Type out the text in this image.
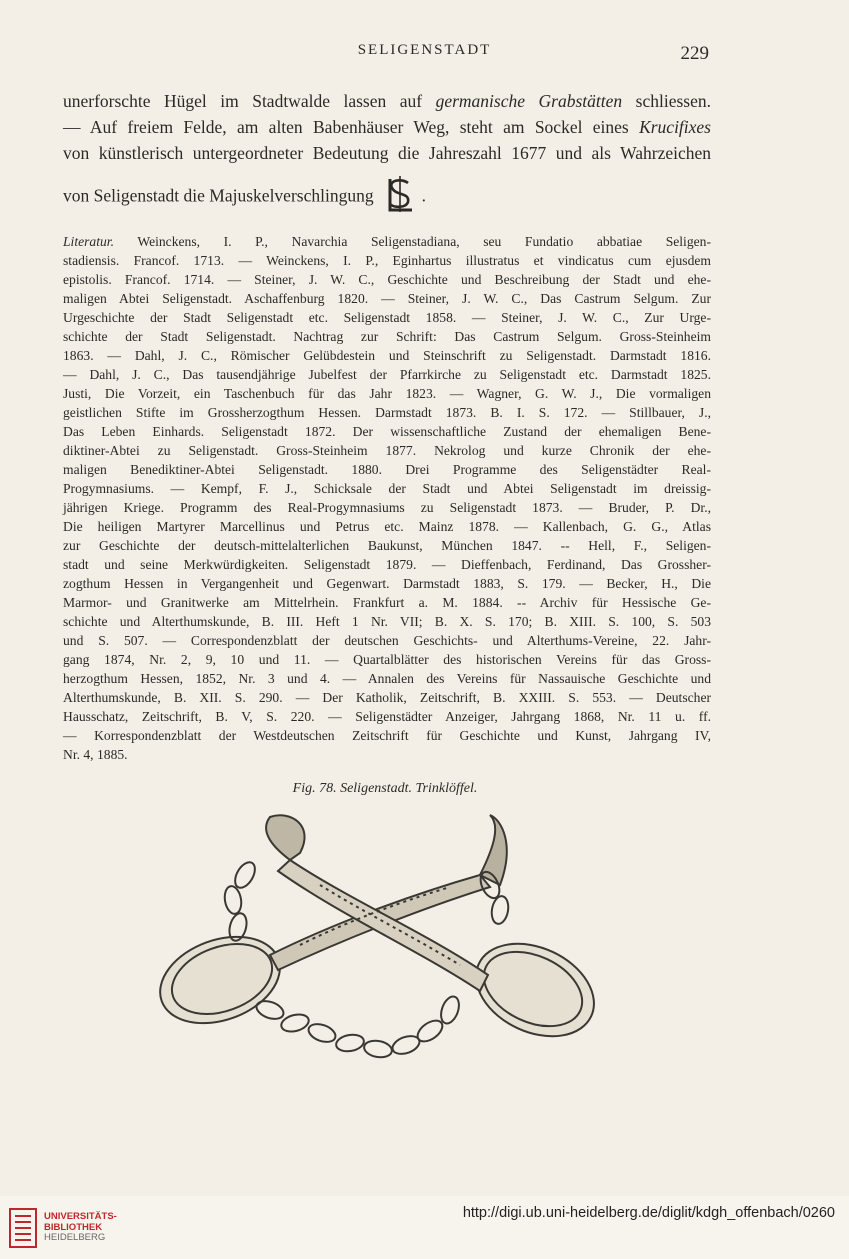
SELIGENSTADT	229
unerforschte Hügel im Stadtwalde lassen auf germanische Grabstätten schliessen.
— Auf freiem Felde, am alten Babenhäuser Weg, steht am Sockel eines Krucifixes
von künstlerisch untergeordneter Bedeutung die Jahreszahl 1677 und als Wahrzeichen
von Seligenstadt die Majuskelverschlingung	.
Literatur. Weinckens, I. P., Navarchia Seligenstadiana, seu Fundatio abbatiae Seligen-
stadiensis. Francof. 1713. — Weinckens, I. P., Eginhartus illustratus et vindicatus cum ejusdem
epistolis. Francof. 1714. — Steiner, J. W. C., Geschichte und Beschreibung der Stadt und ehe-
maligen Abtei Seligenstadt. Aschaffenburg 1820. — Steiner, J. W. C., Das Castrum Selgum. Zur
Urgeschichte der Stadt Seligenstadt etc. Seligenstadt 1858. — Steiner, J. W. C., Zur Urge-
schichte der Stadt Seligenstadt. Nachtrag zur Schrift: Das Castrum Selgum. Gross-Steinheim
1863. — Dahl, J. C., Römischer Gelübdestein und Steinschrift zu Seligenstadt. Darmstadt 1816.
— Dahl, J. C., Das tausendjährige Jubelfest der Pfarrkirche zu Seligenstadt etc. Darmstadt 1825.
Justi, Die Vorzeit, ein Taschenbuch für das Jahr 1823. — Wagner, G. W. J., Die vormaligen
geistlichen Stifte im Grossherzogthum Hessen. Darmstadt 1873. B. I. S. 172. — Stillbauer, J.,
Das Leben Einhards. Seligenstadt 1872. Der wissenschaftliche Zustand der ehemaligen Bene-
diktiner-Abtei zu Seligenstadt. Gross-Steinheim 1877. Nekrolog und kurze Chronik der ehe-
maligen Benediktiner-Abtei Seligenstadt. 1880. Drei Programme des Seligenstädter Real-
Progymnasiums. — Kempf, F. J., Schicksale der Stadt und Abtei Seligenstadt im dreissig-
jährigen Kriege. Programm des Real-Progymnasiums zu Seligenstadt 1873. — Bruder, P. Dr.,
Die heiligen Martyrer Marcellinus und Petrus etc. Mainz 1878. — Kallenbach, G. G., Atlas
zur Geschichte der deutsch-mittelalterlichen Baukunst, München 1847. -- Hell, F., Seligen-
stadt und seine Merkwürdigkeiten. Seligenstadt 1879. — Dieffenbach, Ferdinand, Das Grossher-
zogthum Hessen in Vergangenheit und Gegenwart. Darmstadt 1883, S. 179. — Becker, H., Die
Marmor- und Granitwerke am Mittelrhein. Frankfurt a. M. 1884. -- Archiv für Hessische Ge-
schichte und Alterthumskunde, B. III. Heft 1 Nr. VII; B. X. S. 170; B. XIII. S. 100, S. 503
und S. 507. — Correspondenzblatt der deutschen Geschichts- und Alterthums-Vereine, 22. Jahr-
gang 1874, Nr. 2, 9, 10 und 11. — Quartalblätter des historischen Vereins für das Gross-
herzogthum Hessen, 1852, Nr. 3 und 4. — Annalen des Vereins für Nassauische Geschichte und
Alterthumskunde, B. XII. S. 290. — Der Katholik, Zeitschrift, B. XXIII. S. 553. — Deutscher
Hausschatz, Zeitschrift, B. V, S. 220. — Seligenstädter Anzeiger, Jahrgang 1868, Nr. 11 u. ff.
— Korrespondenzblatt der Westdeutschen Zeitschrift für Geschichte und Kunst, Jahrgang IV,
Nr. 4, 1885.
Fig. 78. Seligenstadt. Trinklöffel.
UNIVERSITÄTS-
BIBLIOTHEK
HEIDELBERG
http://digi.ub.uni-heidelberg.de/diglit/kdgh_offenbach/0260
